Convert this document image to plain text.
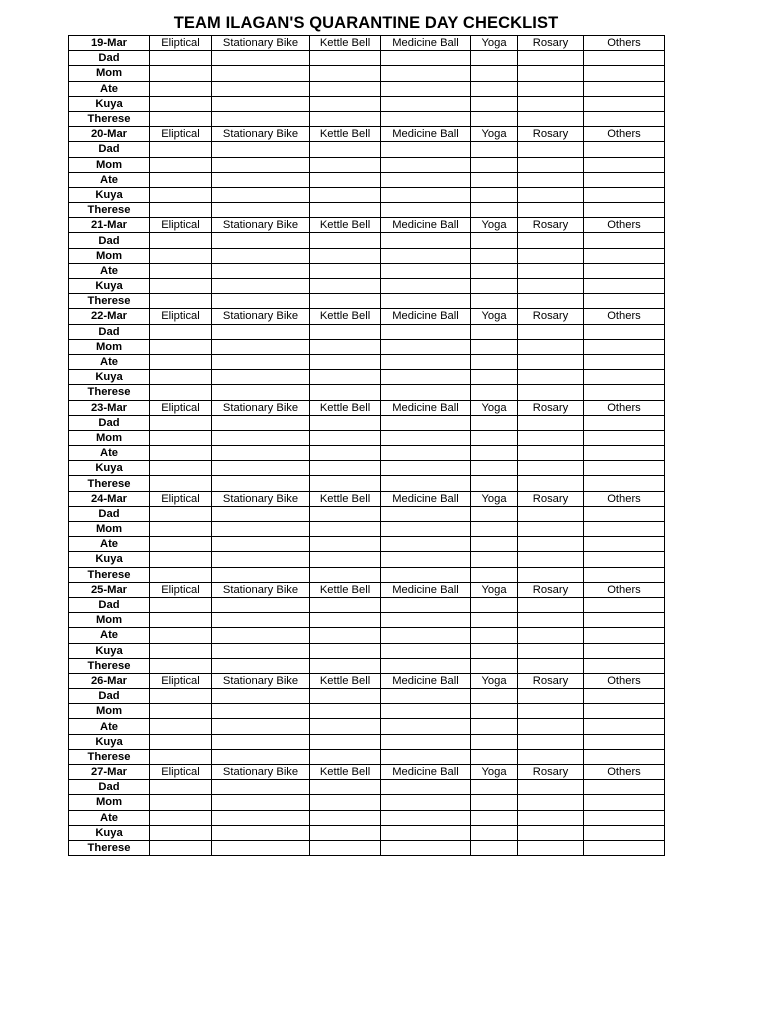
TEAM ILAGAN'S QUARANTINE DAY CHECKLIST
19-Mar	Eliptical	Stationary Bike	Kettle Bell	Medicine Ball	Yoga	Rosary	Others
Dad							
Mom							
Ate							
Kuya							
Therese							
20-Mar	Eliptical	Stationary Bike	Kettle Bell	Medicine Ball	Yoga	Rosary	Others
Dad							
Mom							
Ate							
Kuya							
Therese							
21-Mar	Eliptical	Stationary Bike	Kettle Bell	Medicine Ball	Yoga	Rosary	Others
Dad							
Mom							
Ate							
Kuya							
Therese							
22-Mar	Eliptical	Stationary Bike	Kettle Bell	Medicine Ball	Yoga	Rosary	Others
Dad							
Mom							
Ate							
Kuya							
Therese							
23-Mar	Eliptical	Stationary Bike	Kettle Bell	Medicine Ball	Yoga	Rosary	Others
Dad							
Mom							
Ate							
Kuya							
Therese							
24-Mar	Eliptical	Stationary Bike	Kettle Bell	Medicine Ball	Yoga	Rosary	Others
Dad							
Mom							
Ate							
Kuya							
Therese							
25-Mar	Eliptical	Stationary Bike	Kettle Bell	Medicine Ball	Yoga	Rosary	Others
Dad							
Mom							
Ate							
Kuya							
Therese							
26-Mar	Eliptical	Stationary Bike	Kettle Bell	Medicine Ball	Yoga	Rosary	Others
Dad							
Mom							
Ate							
Kuya							
Therese							
27-Mar	Eliptical	Stationary Bike	Kettle Bell	Medicine Ball	Yoga	Rosary	Others
Dad							
Mom							
Ate							
Kuya							
Therese							
